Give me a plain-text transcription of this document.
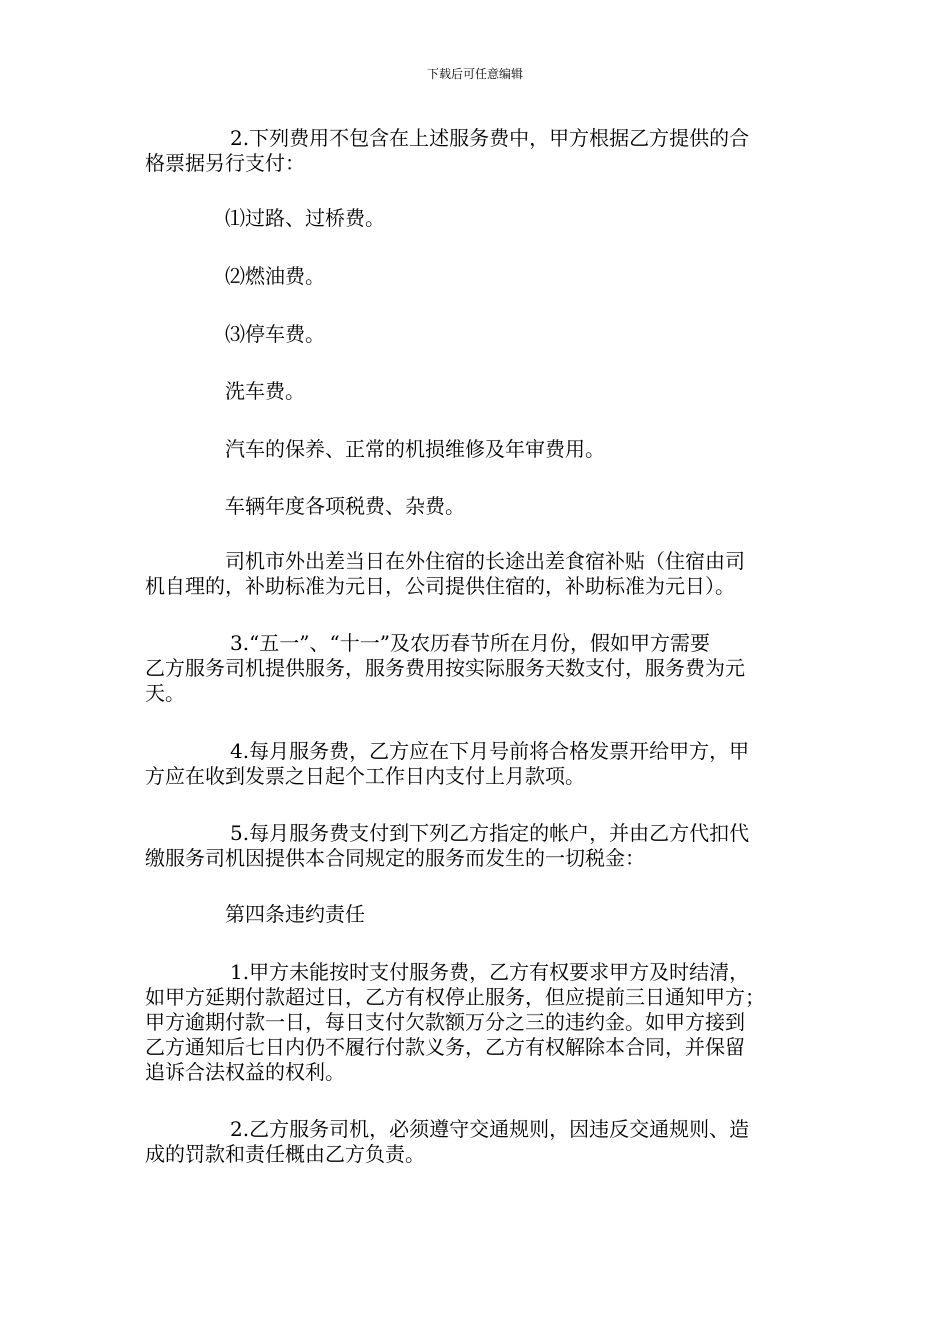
下载后可任意编辑
2.下列费用不包含在上述服务费中，甲方根据乙方提供的合
格票据另行支付：
⑴过路、过桥费。
⑵燃油费。
⑶停车费。
洗车费。
汽车的保养、正常的机损维修及年审费用。
车辆年度各项税费、杂费。
司机市外出差当日在外住宿的长途出差食宿补贴（住宿由司
机自理的，补助标准为元日，公司提供住宿的，补助标准为元日）。
3.“五一”、“十一”及农历春节所在月份，假如甲方需要
乙方服务司机提供服务，服务费用按实际服务天数支付，服务费为元
天。
4.每月服务费，乙方应在下月号前将合格发票开给甲方，甲
方应在收到发票之日起个工作日内支付上月款项。
5.每月服务费支付到下列乙方指定的帐户，并由乙方代扣代
缴服务司机因提供本合同规定的服务而发生的一切税金：
第四条违约责任
1.甲方未能按时支付服务费，乙方有权要求甲方及时结清，
如甲方延期付款超过日，乙方有权停止服务，但应提前三日通知甲方；
甲方逾期付款一日，每日支付欠款额万分之三的违约金。如甲方接到
乙方通知后七日内仍不履行付款义务，乙方有权解除本合同，并保留
追诉合法权益的权利。
2.乙方服务司机，必须遵守交通规则，因违反交通规则、造
成的罚款和责任概由乙方负责。
